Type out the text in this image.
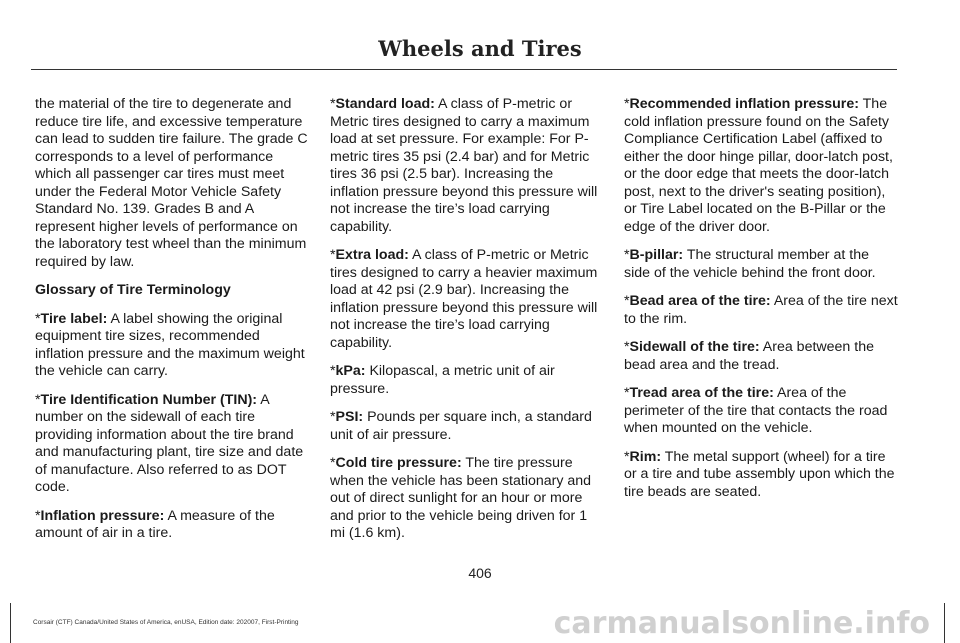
Wheels and Tires

the material of the tire to degenerate and reduce tire life, and excessive temperature can lead to sudden tire failure. The grade C corresponds to a level of performance which all passenger car tires must meet under the Federal Motor Vehicle Safety Standard No. 139. Grades B and A represent higher levels of performance on the laboratory test wheel than the minimum required by law.

Glossary of Tire Terminology

*Tire label: A label showing the original equipment tire sizes, recommended inflation pressure and the maximum weight the vehicle can carry.

*Tire Identification Number (TIN): A number on the sidewall of each tire providing information about the tire brand and manufacturing plant, tire size and date of manufacture. Also referred to as DOT code.

*Inflation pressure: A measure of the amount of air in a tire.

*Standard load: A class of P-metric or Metric tires designed to carry a maximum load at set pressure. For example: For P-metric tires 35 psi (2.4 bar) and for Metric tires 36 psi (2.5 bar). Increasing the inflation pressure beyond this pressure will not increase the tire’s load carrying capability.

*Extra load: A class of P-metric or Metric tires designed to carry a heavier maximum load at 42 psi (2.9 bar). Increasing the inflation pressure beyond this pressure will not increase the tire’s load carrying capability.

*kPa: Kilopascal, a metric unit of air pressure.

*PSI: Pounds per square inch, a standard unit of air pressure.

*Cold tire pressure: The tire pressure when the vehicle has been stationary and out of direct sunlight for an hour or more and prior to the vehicle being driven for 1 mi (1.6 km).

*Recommended inflation pressure: The cold inflation pressure found on the Safety Compliance Certification Label (affixed to either the door hinge pillar, door-latch post, or the door edge that meets the door-latch post, next to the driver's seating position), or Tire Label located on the B-Pillar or the edge of the driver door.

*B-pillar: The structural member at the side of the vehicle behind the front door.

*Bead area of the tire: Area of the tire next to the rim.

*Sidewall of the tire: Area between the bead area and the tread.

*Tread area of the tire: Area of the perimeter of the tire that contacts the road when mounted on the vehicle.

*Rim: The metal support (wheel) for a tire or a tire and tube assembly upon which the tire beads are seated.

406
Corsair (CTF) Canada/United States of America, enUSA, Edition date: 202007, First-Printing	carmanualsonline.info
